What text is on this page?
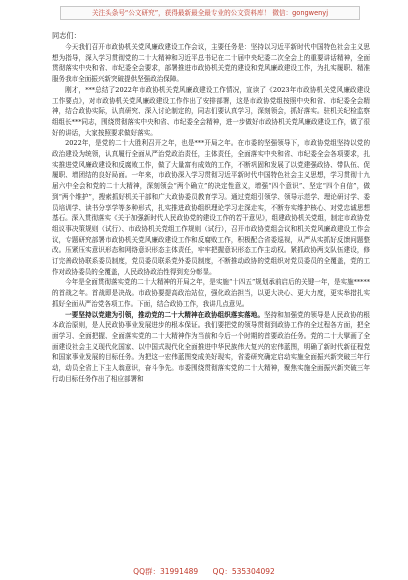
关注头条号“公文研究”，获得最新最全最专业的公文资料库！ 微信：gongwenyj

同志们：

今天我们召开市政协机关党风廉政建设工作会议，主要任务是：坚持以习近平新时代中国特色社会主义思想为指导，深入学习贯彻党的二十大精神和习近平总书记在二十届中央纪委二次全会上的重要讲话精神，全面贯彻落实中央和省、市纪委全会要求，部署推进市政协机关党的建设和党风廉政建设工作，为扎实履职、精准服务我市全面振兴新突破提供坚强政治保障。

刚才，***总结了2022年市政协机关党风廉政建设工作情况，宣读了《2023年市政协机关党风廉政建设工作要点》，对市政协机关党风廉政建设工作作出了安排部署，这是市政协党组按照中央和省、市纪委全会精神，结合政协实际，认真研究、深入讨论制定的，同志们要认真学习，深刻领会，抓好落实。驻机关纪检监察组组长***同志，围绕贯彻落实中央和省、市纪委全会精神，进一步做好市政协机关党风廉政建设工作，做了很好的讲话，大家按照要求做好落实。

2022年，是党的二十大胜利召开之年，也是***开局之年。在市委的坚强领导下，市政协党组坚持以党的政治建设为统领，认真履行全面从严治党政治责任，主体责任，全面落实中央和省、市纪委全会各项要求，扎实推进党风廉政建设和反腐败工作，做了大量富有成效的工作，不断巩固和发展了以党建强政协、带队伍、促履职、增团结的良好局面。一年来，市政协深入学习贯彻习近平新时代中国特色社会主义思想，学习贯彻十九届六中全会和党的二十大精神，深刻领会“两个确立”的决定性意义，增强“四个意识”、坚定“四个自信”，做到“两个维护”，搜索抓好机关干部和广大政协委员教育学习。通过党组引领学、领导示范学、理论研讨学、委员培训学、读书分享学等多种形式，扎实推进政协组织理论学习走深走实，不断夯实维护核心、对党忠诚思想基石。深入贯彻落实《关于加强新时代人民政协党的建设工作的若干意见》，组建政协机关党组，制定市政协党组议事决策规则（试行）、市政协机关党组工作规则（试行），召开市政协党组会议和机关党风廉政建设工作会议，专题研究部署市政协机关党风廉政建设工作和反腐败工作，积极配合省委巡视，从严从实抓好反馈问题整改。压紧压实意识形态和网络意识形态主体责任，牢牢把握意识形态工作主动权。紧抓政协两支队伍建设，修订完善政协联系委员制度，党员委员联系党外委员制度，不断推动政协的党组织对党员委员的全覆盖，党的工作对政协委员的全覆盖，人民政协政治性得到充分彰显。

今年是全面贯彻落实党的二十大精神的开局之年，是实施“十四五”规划承前启后的关键一年，是实施*****的首战之年。首战即是决战。市政协要提高政治站位，强化政治担当，以更大决心、更大力度，更实举措扎实抓好全面从严治党各项工作。下面，结合政协工作，我讲几点意见。

一要坚持以党建为引领，推动党的二十大精神在政协组织落实落地。坚持和加强党的领导是人民政协的根本政治原则，是人民政协事业发展进步的根本保证。我们要把党的领导贯彻到政协工作的全过程各方面，把全面学习、全面把握、全面落实党的二十大精神作为当前和今后一个时期的首要政治任务。党的二十大擘画了全面建设社会主义现代化国家、以中国式现代化全面推进中华民族伟大复兴的宏伟蓝图，明确了新时代新征程党和国家事业发展的目标任务。为把这一宏伟蓝图变成美好现实，省委研究确定启动实施全面振兴新突破三年行动，动员全省上下主人翁意识，奋斗争先。市委围绕贯彻落实党的二十大精神，聚焦实施全面振兴新突破三年行动目标任务作出了相应部署和

QQ群：31991489 QQ：535304092
